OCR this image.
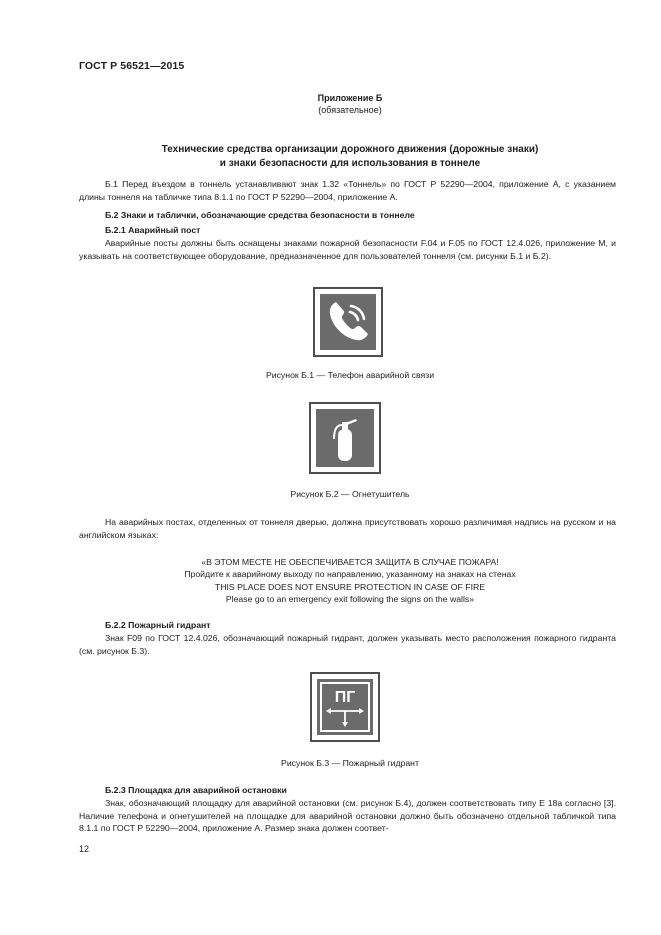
ГОСТ Р 56521—2015
Приложение Б
(обязательное)
Технические средства организации дорожного движения (дорожные знаки)
и знаки безопасности для использования в тоннеле
Б.1 Перед въездом в тоннель устанавливают знак 1.32 «Тоннель» по ГОСТ Р 52290—2004, приложение А, с указанием длины тоннеля на табличке типа 8.1.1 по ГОСТ Р 52290—2004, приложение А.
Б.2 Знаки и таблички, обозначающие средства безопасности в тоннеле
Б.2.1 Аварийный пост
Аварийные посты должны быть оснащены знаками пожарной безопасности F.04 и F.05 по ГОСТ 12.4.026, приложение М, и указывать на соответствующее оборудование, предназначенное для пользователей тоннеля (см. рисунки Б.1 и Б.2).
Рисунок Б.1 — Телефон аварийной связи
Рисунок Б.2 — Огнетушитель
На аварийных постах, отделенных от тоннеля дверью, должна присутствовать хорошо различимая надпись на русском и на английском языках:
«В ЭТОМ МЕСТЕ НЕ ОБЕСПЕЧИВАЕТСЯ ЗАЩИТА В СЛУЧАЕ ПОЖАРА!
Пройдите к аварийному выходу по направлению, указанному на знаках на стенах
THIS PLACE DOES NOT ENSURE PROTECTION IN CASE OF FIRE
Please go to an emergency exit following the signs on the walls»
Б.2.2 Пожарный гидрант
Знак F09 по ГОСТ 12.4.026, обозначающий пожарный гидрант, должен указывать место расположения пожарного гидранта (см. рисунок Б.3).
ПГ
Рисунок Б.3 — Пожарный гидрант
Б.2.3 Площадка для аварийной остановки
Знак, обозначающий площадку для аварийной остановки (см. рисунок Б.4), должен соответствовать типу Е 18а согласно [3]. Наличие телефона и огнетушителей на площадке для аварийной остановки должно быть обозначено отдельной табличкой типа 8.1.1 по ГОСТ Р 52290—2004, приложение А. Размер знака должен соответ-
12
